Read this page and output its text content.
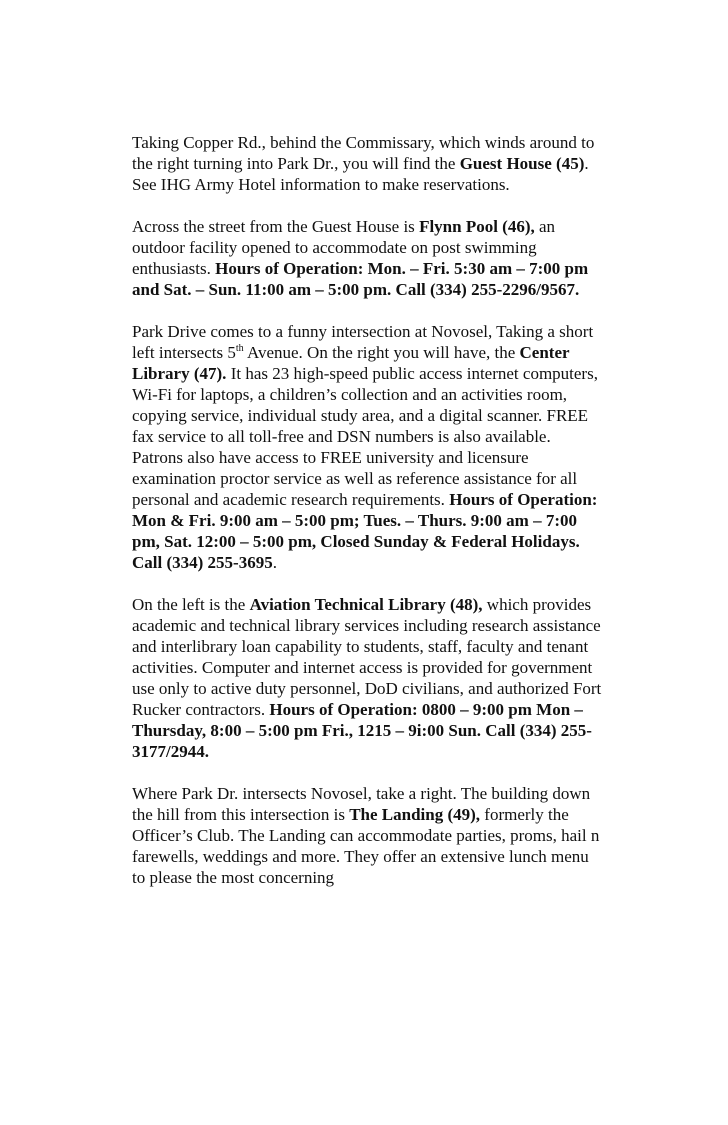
Taking Copper Rd., behind the Commissary, which winds around to the right turning into Park Dr., you will find the Guest House (45). See IHG Army Hotel information to make reservations.

Across the street from the Guest House is Flynn Pool (46), an outdoor facility opened to accommodate on post swimming enthusiasts. Hours of Operation: Mon. – Fri. 5:30 am – 7:00 pm and Sat. – Sun. 11:00 am – 5:00 pm. Call (334) 255-2296/9567.

Park Drive comes to a funny intersection at Novosel, Taking a short left intersects 5th Avenue. On the right you will have, the Center Library (47). It has 23 high-speed public access internet computers, Wi-Fi for laptops, a children’s collection and an activities room, copying service, individual study area, and a digital scanner. FREE fax service to all toll-free and DSN numbers is also available. Patrons also have access to FREE university and licensure examination proctor service as well as reference assistance for all personal and academic research requirements. Hours of Operation: Mon & Fri. 9:00 am – 5:00 pm; Tues. – Thurs. 9:00 am – 7:00 pm, Sat. 12:00 – 5:00 pm, Closed Sunday & Federal Holidays. Call (334) 255-3695.

On the left is the Aviation Technical Library (48), which provides academic and technical library services including research assistance and interlibrary loan capability to students, staff, faculty and tenant activities. Computer and internet access is provided for government use only to active duty personnel, DoD civilians, and authorized Fort Rucker contractors. Hours of Operation: 0800 – 9:00 pm Mon – Thursday, 8:00 – 5:00 pm Fri., 1215 – 9i:00 Sun. Call (334) 255-3177/2944.

Where Park Dr. intersects Novosel, take a right. The building down the hill from this intersection is The Landing (49), formerly the Officer’s Club. The Landing can accommodate parties, proms, hail n farewells, weddings and more. They offer an extensive lunch menu to please the most concerning
